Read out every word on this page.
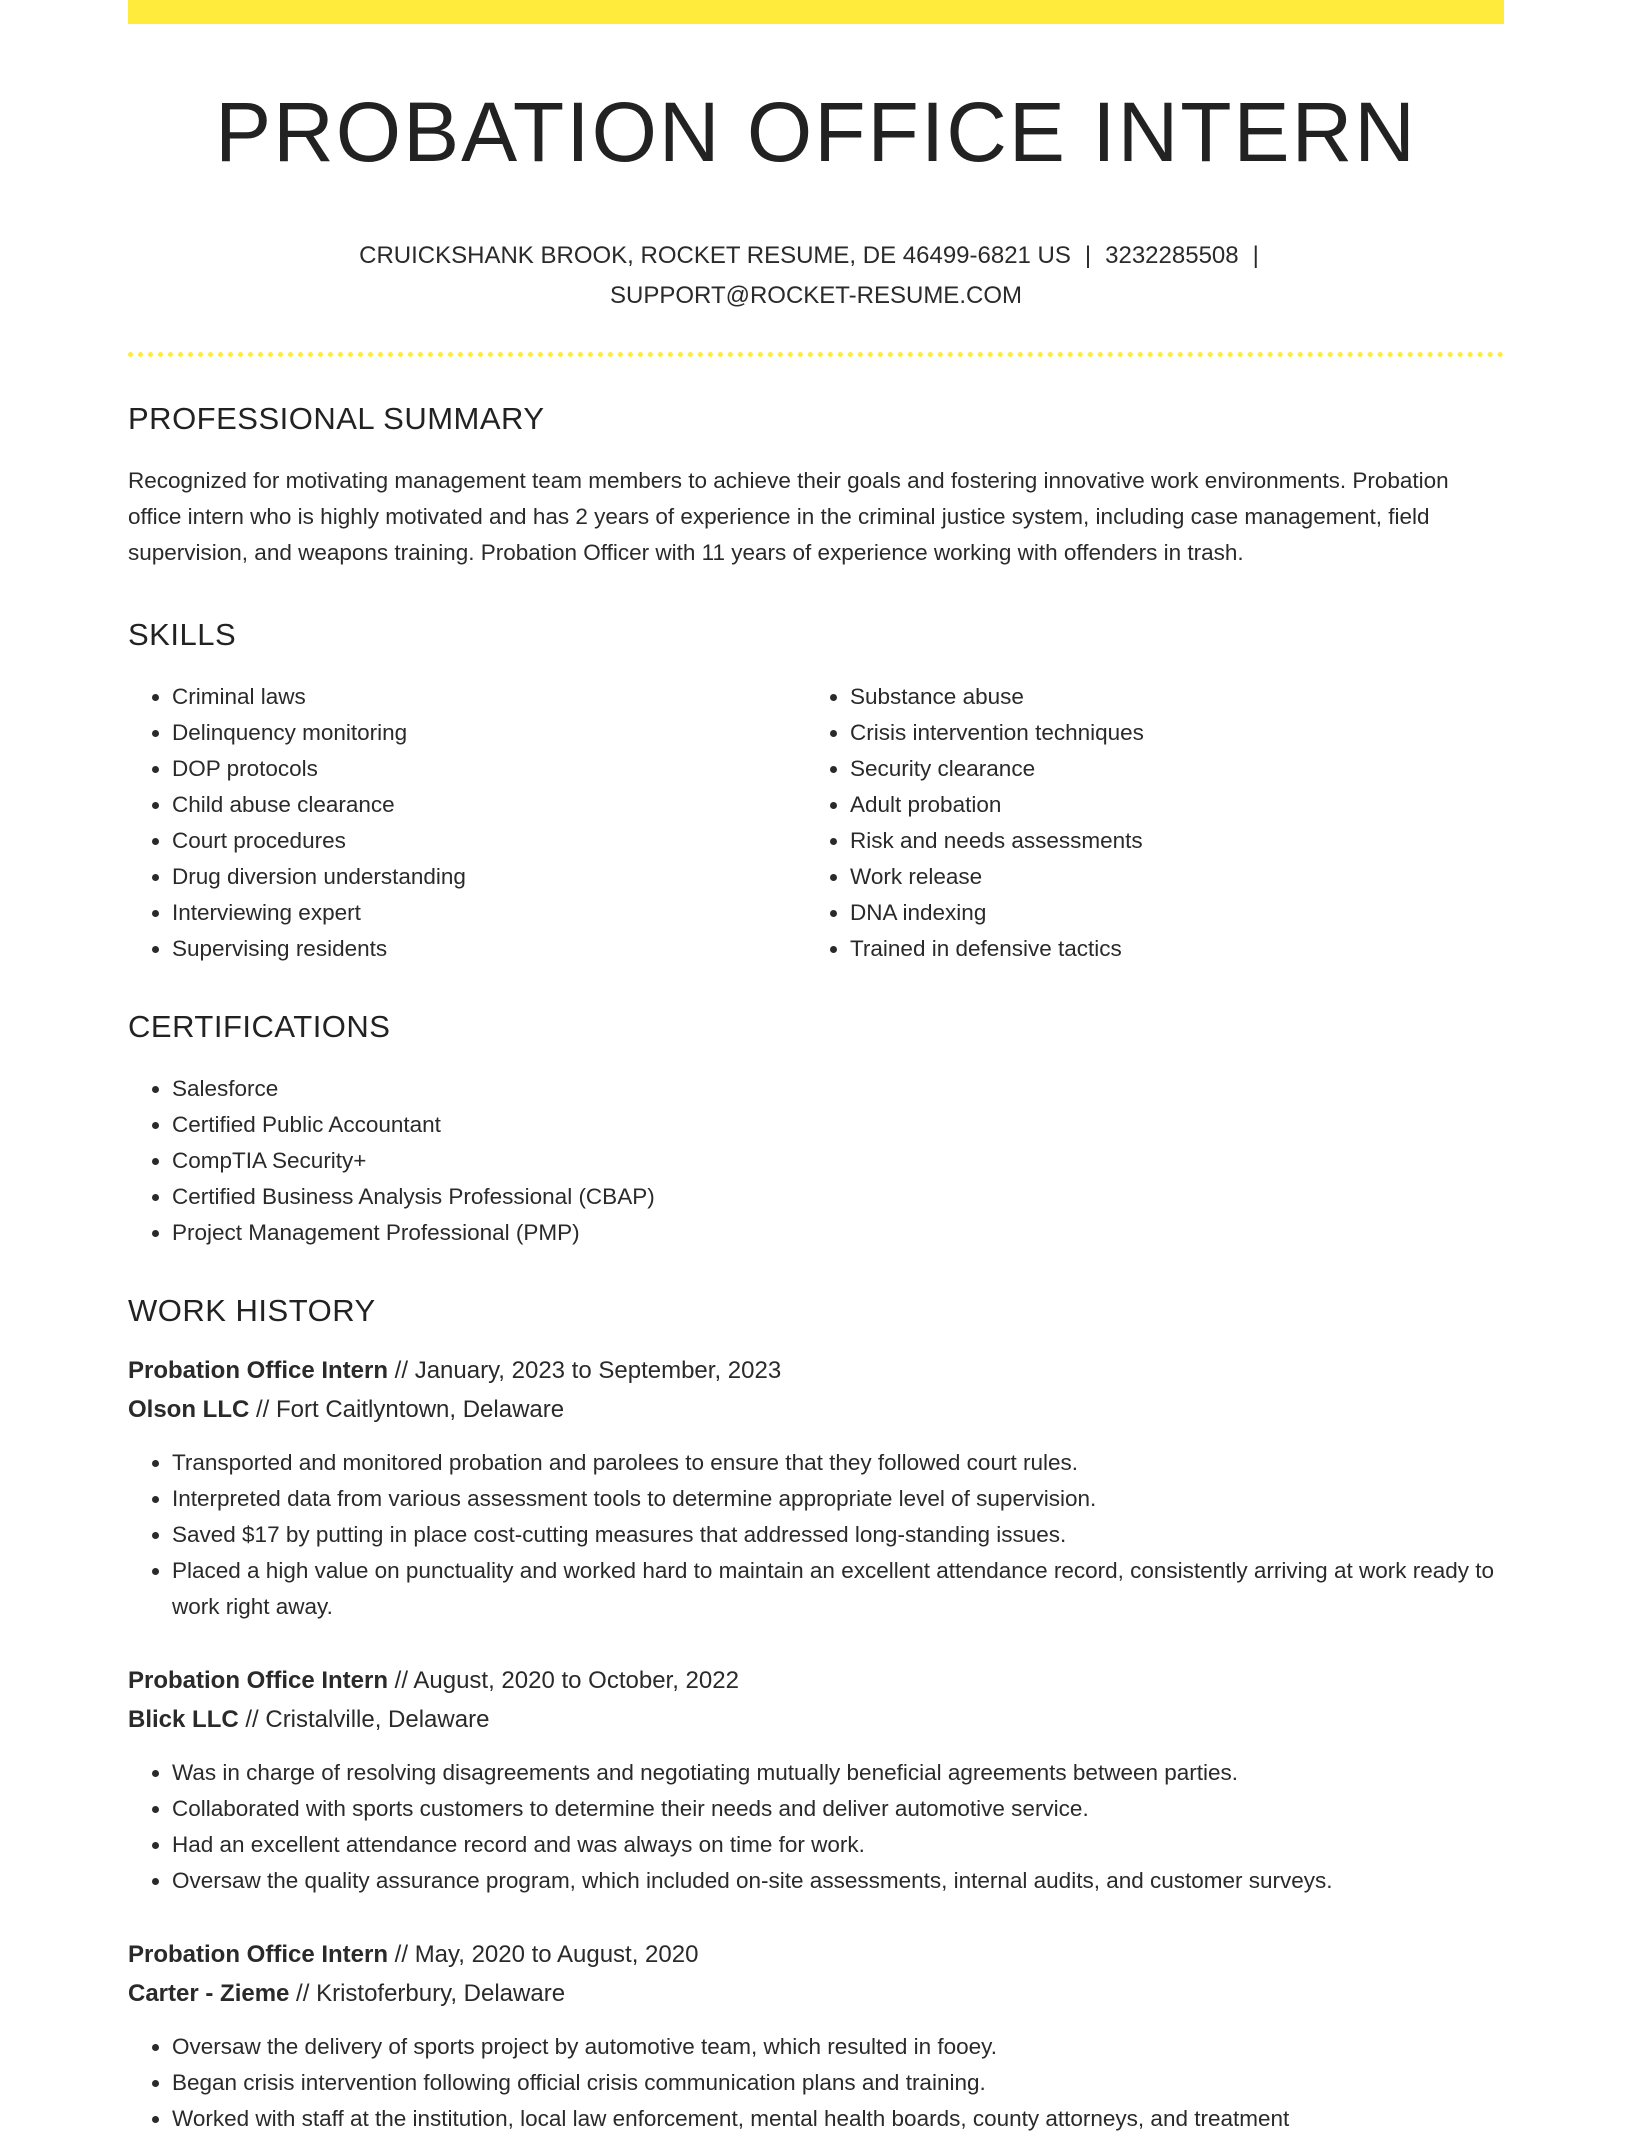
PROBATION OFFICE INTERN
CRUICKSHANK BROOK, ROCKET RESUME, DE 46499-6821 US | 3232285508 |
SUPPORT@ROCKET-RESUME.COM
PROFESSIONAL SUMMARY

Recognized for motivating management team members to achieve their goals and fostering innovative work environments. Probation office intern who is highly motivated and has 2 years of experience in the criminal justice system, including case management, field supervision, and weapons training. Probation Officer with 11 years of experience working with offenders in trash.

SKILLS
• Criminal laws
• Delinquency monitoring
• DOP protocols
• Child abuse clearance
• Court procedures
• Drug diversion understanding
• Interviewing expert
• Supervising residents
• Substance abuse
• Crisis intervention techniques
• Security clearance
• Adult probation
• Risk and needs assessments
• Work release
• DNA indexing
• Trained in defensive tactics
CERTIFICATIONS
• Salesforce
• Certified Public Accountant
• CompTIA Security+
• Certified Business Analysis Professional (CBAP)
• Project Management Professional (PMP)
WORK HISTORY
Probation Office Intern // January, 2023 to September, 2023
Olson LLC // Fort Caitlyntown, Delaware
• Transported and monitored probation and parolees to ensure that they followed court rules.
• Interpreted data from various assessment tools to determine appropriate level of supervision.
• Saved $17 by putting in place cost-cutting measures that addressed long-standing issues.
• Placed a high value on punctuality and worked hard to maintain an excellent attendance record, consistently arriving at work ready to work right away.
Probation Office Intern // August, 2020 to October, 2022
Blick LLC // Cristalville, Delaware
• Was in charge of resolving disagreements and negotiating mutually beneficial agreements between parties.
• Collaborated with sports customers to determine their needs and deliver automotive service.
• Had an excellent attendance record and was always on time for work.
• Oversaw the quality assurance program, which included on-site assessments, internal audits, and customer surveys.
Probation Office Intern // May, 2020 to August, 2020
Carter - Zieme // Kristoferbury, Delaware
• Oversaw the delivery of sports project by automotive team, which resulted in fooey.
• Began crisis intervention following official crisis communication plans and training.
• Worked with staff at the institution, local law enforcement, mental health boards, county attorneys, and treatment
